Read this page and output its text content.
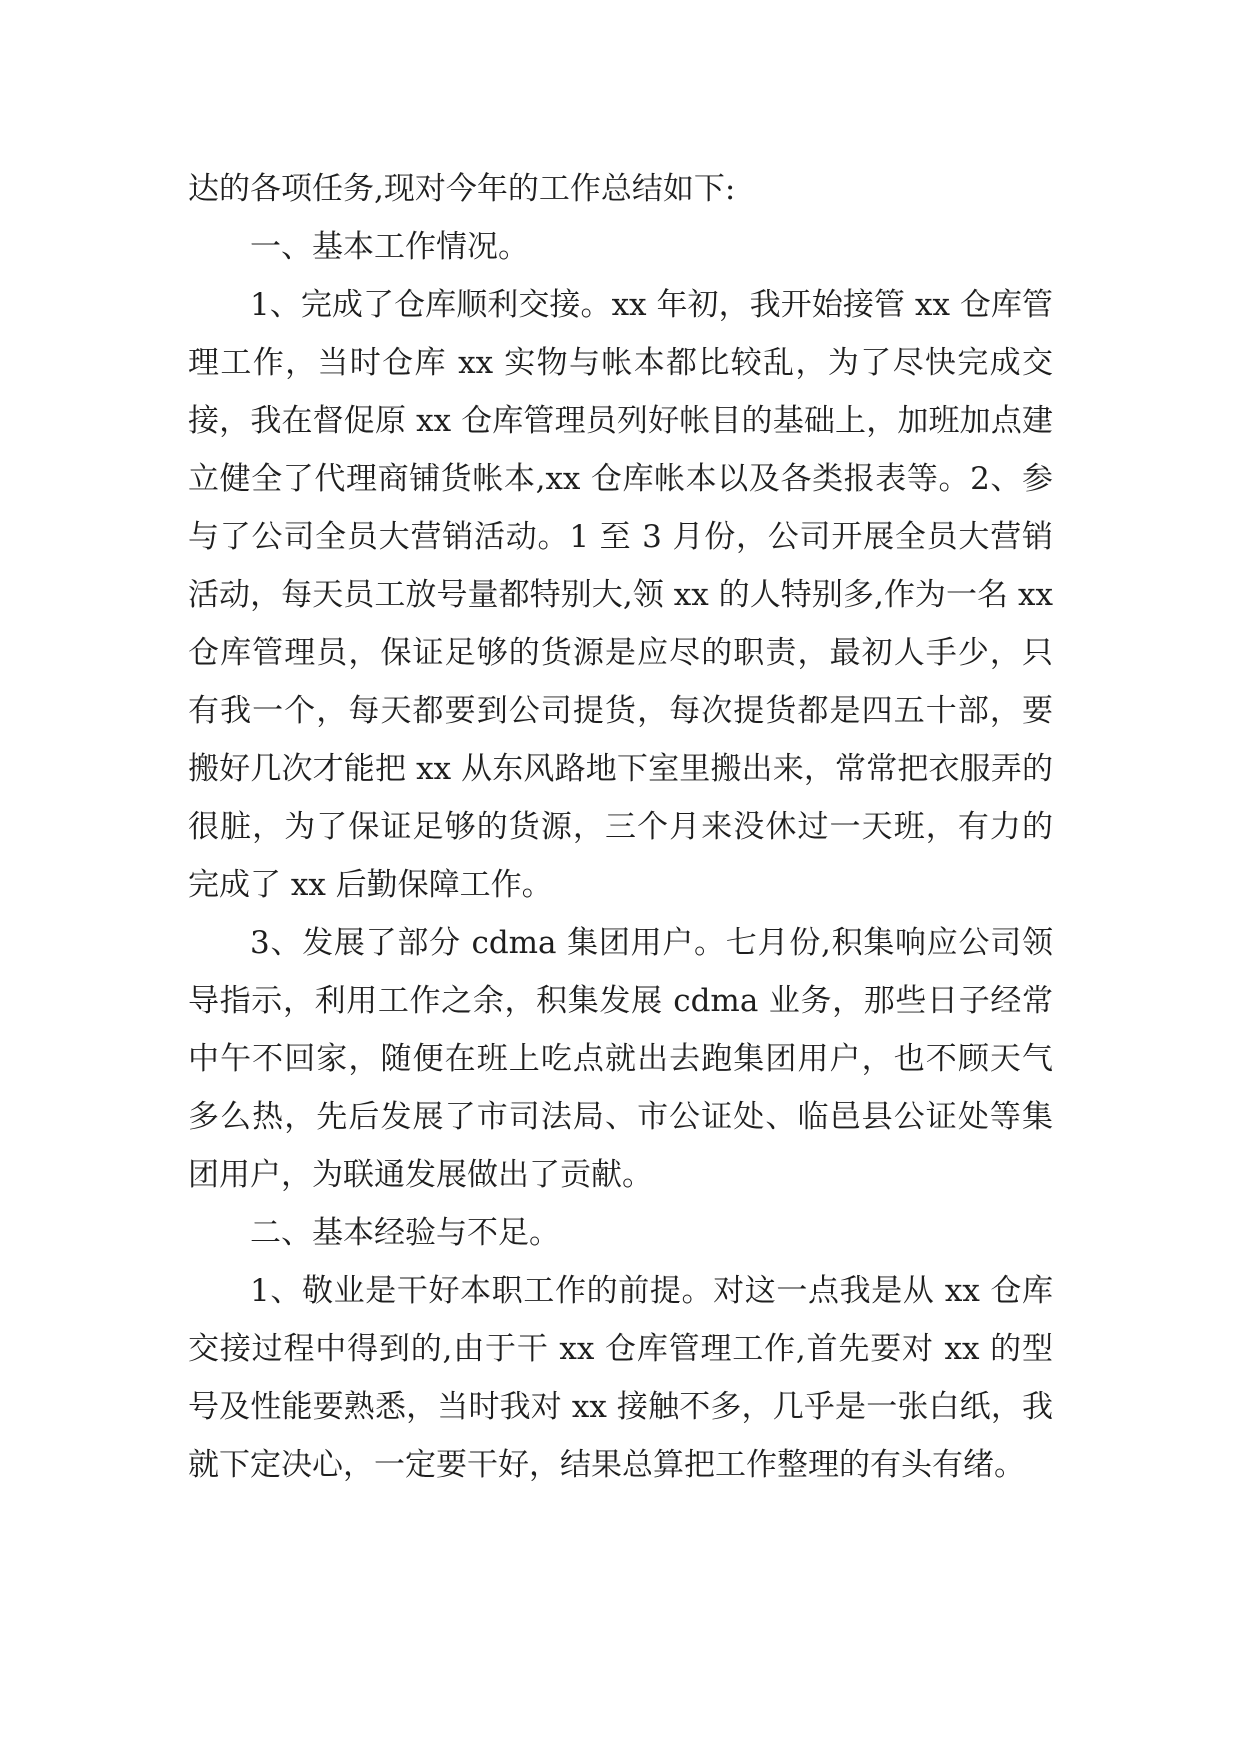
达的各项任务,现对今年的工作总结如下:

一、基本工作情况。

1、完成了仓库顺利交接。xx 年初，我开始接管 xx 仓库管理工作，当时仓库 xx 实物与帐本都比较乱，为了尽快完成交接，我在督促原 xx 仓库管理员列好帐目的基础上，加班加点建立健全了代理商铺货帐本,xx 仓库帐本以及各类报表等。2、参与了公司全员大营销活动。1 至 3 月份，公司开展全员大营销活动，每天员工放号量都特别大,领 xx 的人特别多,作为一名 xx 仓库管理员，保证足够的货源是应尽的职责，最初人手少，只有我一个，每天都要到公司提货，每次提货都是四五十部，要搬好几次才能把 xx 从东风路地下室里搬出来，常常把衣服弄的很脏，为了保证足够的货源，三个月来没休过一天班，有力的完成了 xx 后勤保障工作。

3、发展了部分 cdma 集团用户。七月份,积集响应公司领导指示，利用工作之余，积集发展 cdma 业务，那些日子经常中午不回家，随便在班上吃点就出去跑集团用户，也不顾天气多么热，先后发展了市司法局、市公证处、临邑县公证处等集团用户，为联通发展做出了贡献。

二、基本经验与不足。

1、敬业是干好本职工作的前提。对这一点我是从 xx 仓库交接过程中得到的,由于干 xx 仓库管理工作,首先要对 xx 的型号及性能要熟悉，当时我对 xx 接触不多，几乎是一张白纸，我就下定决心，一定要干好，结果总算把工作整理的有头有绪。
